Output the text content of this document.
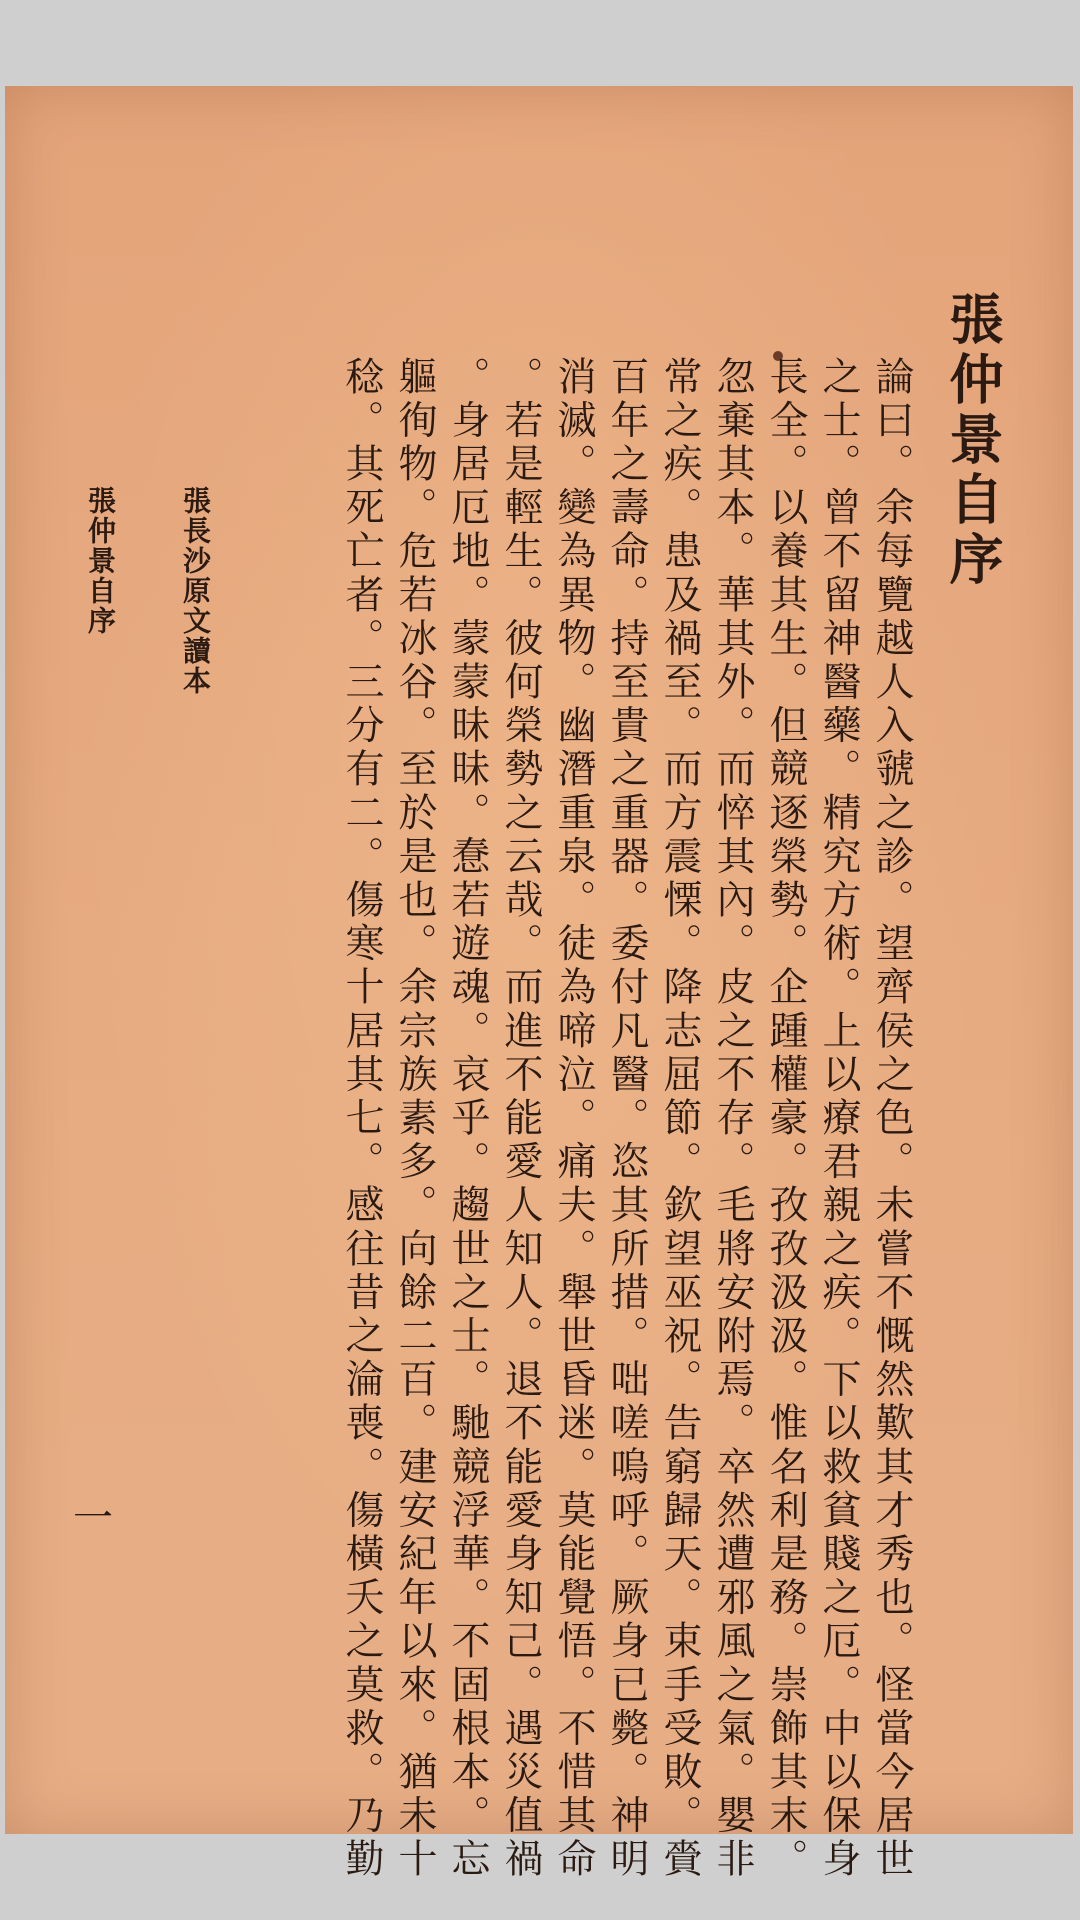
張仲景自序

論曰。余每覽越人入虢之診。望齊侯之色。未嘗不慨然歎其才秀也。怪當今居世

之士。曾不留神醫藥。精究方術。上以療君親之疾。下以救貧賤之厄。中以保身

長全。以養其生。但競逐榮勢。企踵權豪。孜孜汲汲。惟名利是務。崇飾其末。

忽棄其本。華其外。而悴其內。皮之不存。毛將安附焉。卒然遭邪風之氣。嬰非

常之疾。患及禍至。而方震慄。降志屈節。欽望巫祝。告窮歸天。束手受敗。賫

百年之壽命。持至貴之重器。委付凡醫。恣其所措。咄嗟嗚呼。厥身已斃。神明

消滅。變為異物。幽潛重泉。徒為啼泣。痛夫。舉世昏迷。莫能覺悟。不惜其命

。若是輕生。彼何榮勢之云哉。而進不能愛人知人。退不能愛身知己。遇災值禍

。身居厄地。蒙蒙昧昧。惷若遊魂。哀乎。趨世之士。馳競浮華。不固根本。忘

軀徇物。危若冰谷。至於是也。余宗族素多。向餘二百。建安紀年以來。猶未十

稔。其死亡者。三分有二。傷寒十居其七。感往昔之淪喪。傷橫夭之莫救。乃勤

張長沙原文讀本

張仲景自序

一
